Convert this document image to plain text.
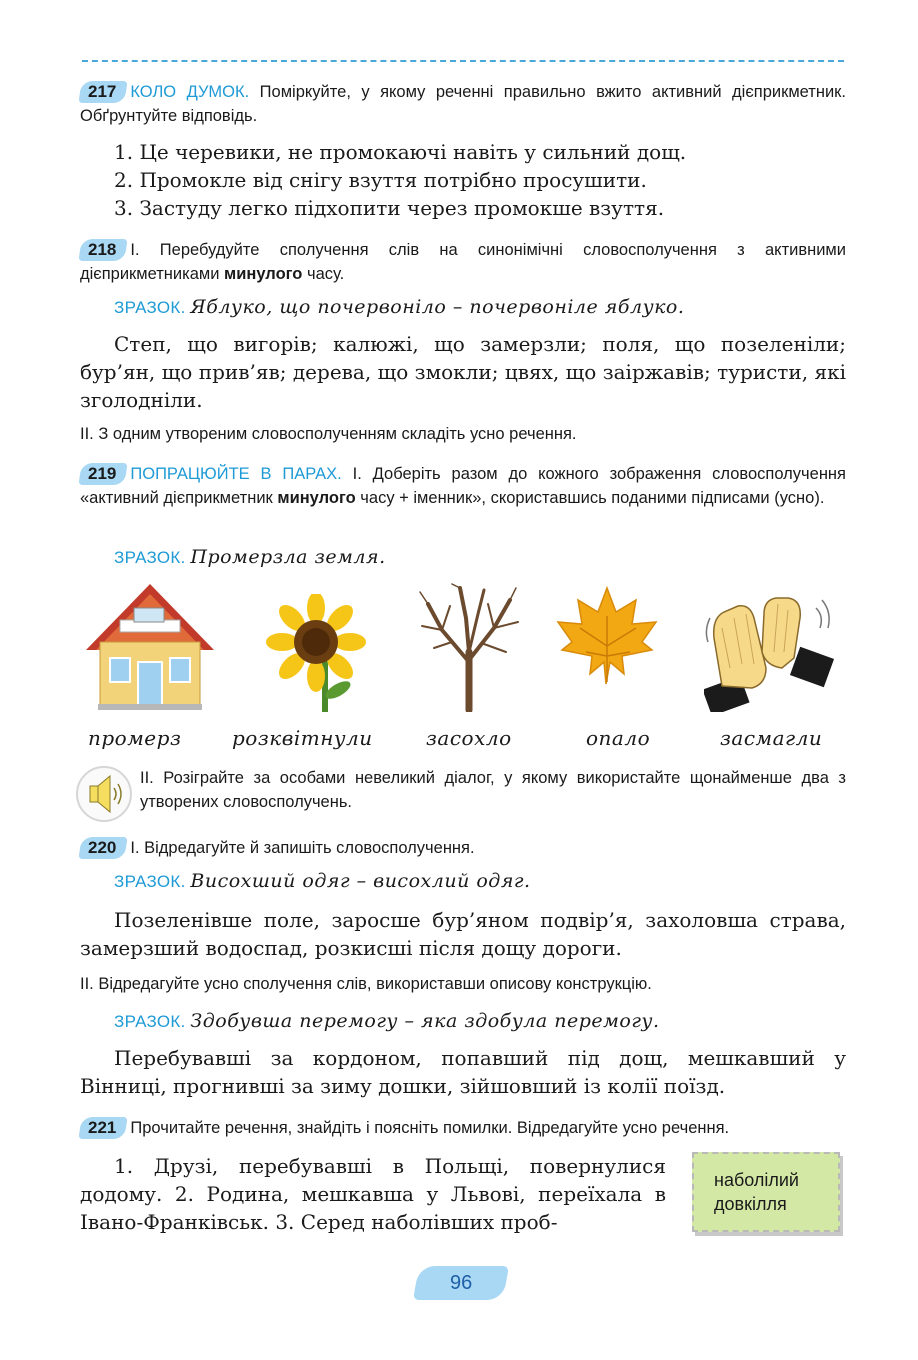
217 КОЛО ДУМОК. Поміркуйте, у якому реченні правильно вжито активний дієприкметник. Обґрунтуйте відповідь.
1. Це черевики, не промокаючі навіть у сильний дощ.
2. Промокле від снігу взуття потрібно просушити.
3. Застуду легко підхопити через промокше взуття.
218 І. Перебудуйте сполучення слів на синонімічні словосполучення з активними дієприкметниками минулого часу.
ЗРАЗОК. Яблуко, що почервоніло – почервоніле яблуко.
Степ, що вигорів; калюжі, що замерзли; поля, що позеленіли; бур’ян, що прив’яв; дерева, що змокли; цвях, що заіржавів; туристи, які зголодніли.
ІІ. З одним утвореним словосполученням складіть усно речення.
219 ПОПРАЦЮЙТЕ В ПАРАХ. І. Доберіть разом до кожного зображення словосполучення «активний дієприкметник минулого часу + іменник», скориставшись поданими підписами (усно).
ЗРАЗОК. Промерзла земля.
промерз	розквітнули	засохло	опало	засмагли
ІІ. Розіграйте за особами невеликий діалог, у якому використайте щонайменше два з утворених словосполучень.
220 І. Відредагуйте й запишіть словосполучення.
ЗРАЗОК. Висохший одяг – висохлий одяг.
Позеленівше поле, заросше бур’яном подвір’я, захоловша страва, замерзший водоспад, розкисші після дощу дороги.
ІІ. Відредагуйте усно сполучення слів, використавши описову конструкцію.
ЗРАЗОК. Здобувша перемогу – яка здобула перемогу.
Перебувавші за кордоном, попавший під дощ, мешкавший у Вінниці, прогнивші за зиму дошки, зійшовший із колії поїзд.
221 Прочитайте речення, знайдіть і поясніть помилки. Відредагуйте усно речення.
1. Друзі, перебувавші в Польщі, повернулися додому. 2. Родина, мешкавша у Львові, переїхала в Івано-Франківськ. 3. Серед наболівших проб-
наболілий
довкілля
96
